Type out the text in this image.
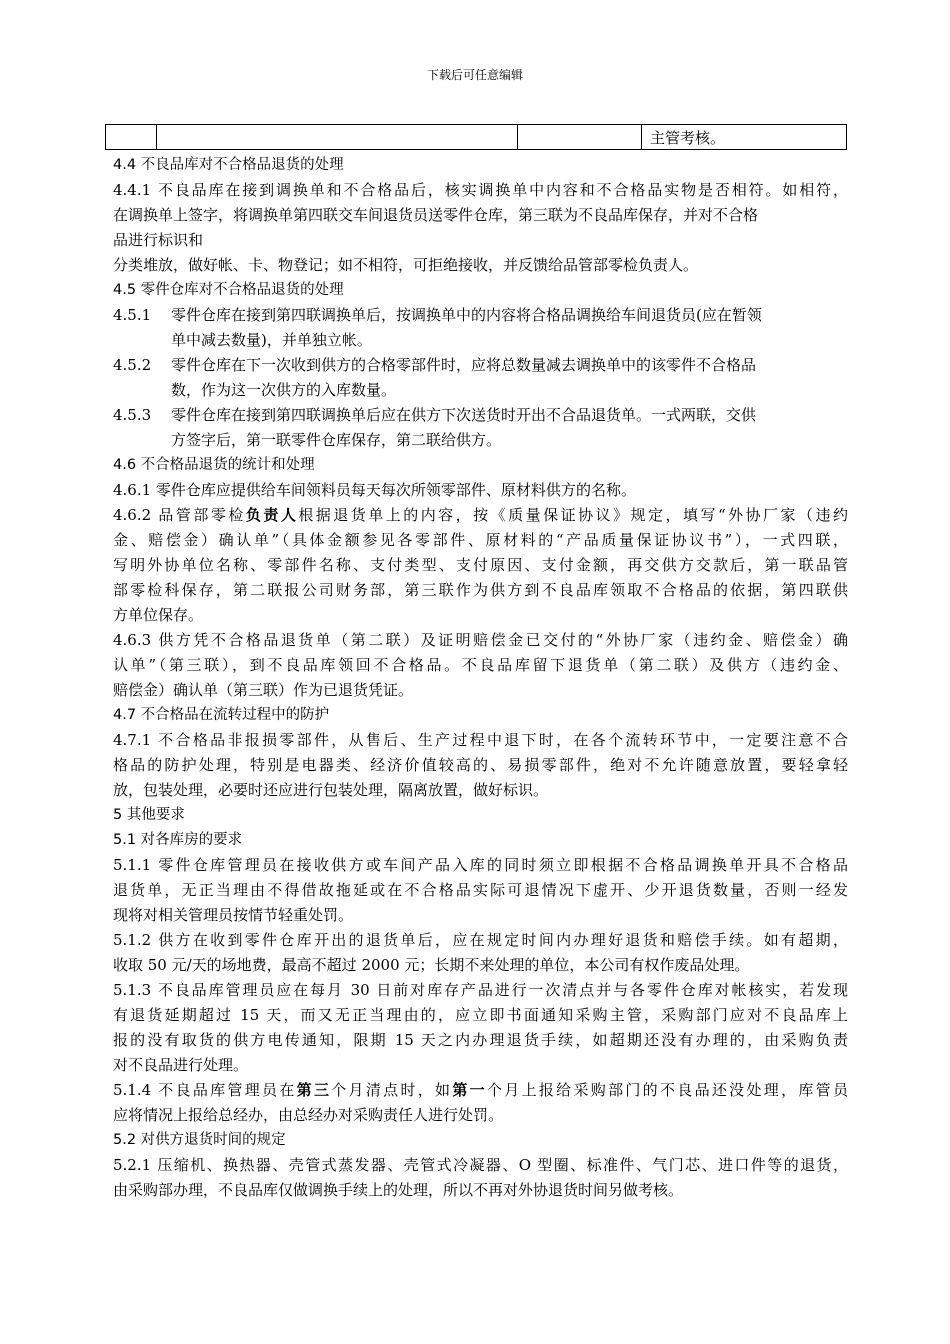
下载后可任意编辑
			主管考核。
4.4 不良品库对不合格品退货的处理
4.4.1 不良品库在接到调换单和不合格品后，核实调换单中内容和不合格品实物是否相符。如相符，
在调换单上签字，将调换单第四联交车间退货员送零件仓库，第三联为不良品库保存，并对不合格
品进行标识和
分类堆放，做好帐、卡、物登记；如不相符，可拒绝接收，并反馈给品管部零检负责人。
4.5 零件仓库对不合格品退货的处理
4.5.1	零件仓库在接到第四联调换单后，按调换单中的内容将合格品调换给车间退货员(应在暂领
单中减去数量)，并单独立帐。
4.5.2	零件仓库在下一次收到供方的合格零部件时，应将总数量减去调换单中的该零件不合格品
数，作为这一次供方的入库数量。
4.5.3	零件仓库在接到第四联调换单后应在供方下次送货时开出不合品退货单。一式两联，交供
方签字后，第一联零件仓库保存，第二联给供方。
4.6 不合格品退货的统计和处理
4.6.1 零件仓库应提供给车间领料员每天每次所领零部件、原材料供方的名称。
4.6.2 品管部零检负责人根据退货单上的内容，按《质量保证协议》规定，填写“外协厂家（违约
金、赔偿金）确认单”（具体金额参见各零部件、原材料的“产品质量保证协议书”），一式四联，
写明外协单位名称、零部件名称、支付类型、支付原因、支付金额，再交供方交款后，第一联品管
部零检科保存，第二联报公司财务部，第三联作为供方到不良品库领取不合格品的依据，第四联供
方单位保存。
4.6.3 供方凭不合格品退货单（第二联）及证明赔偿金已交付的“外协厂家（违约金、赔偿金）确
认单”（第三联），到不良品库领回不合格品。不良品库留下退货单（第二联）及供方（违约金、
赔偿金）确认单（第三联）作为已退货凭证。
4.7 不合格品在流转过程中的防护
4.7.1 不合格品非报损零部件，从售后、生产过程中退下时，在各个流转环节中，一定要注意不合
格品的防护处理，特别是电器类、经济价值较高的、易损零部件，绝对不允许随意放置，要轻拿轻
放，包装处理，必要时还应进行包装处理，隔离放置，做好标识。
5 其他要求
5.1 对各库房的要求
5.1.1 零件仓库管理员在接收供方或车间产品入库的同时须立即根据不合格品调换单开具不合格品
退货单，无正当理由不得借故拖延或在不合格品实际可退情况下虚开、少开退货数量，否则一经发
现将对相关管理员按情节轻重处罚。
5.1.2 供方在收到零件仓库开出的退货单后，应在规定时间内办理好退货和赔偿手续。如有超期，
收取 50 元/天的场地费，最高不超过 2000 元；长期不来处理的单位，本公司有权作废品处理。
5.1.3 不良品库管理员应在每月 30 日前对库存产品进行一次清点并与各零件仓库对帐核实，若发现
有退货延期超过 15 天，而又无正当理由的，应立即书面通知采购主管，采购部门应对不良品库上
报的没有取货的供方电传通知，限期 15 天之内办理退货手续，如超期还没有办理的，由采购负责
对不良品进行处理。
5.1.4 不良品库管理员在第三个月清点时，如第一个月上报给采购部门的不良品还没处理，库管员
应将情况上报给总经办，由总经办对采购责任人进行处罚。
5.2 对供方退货时间的规定
5.2.1 压缩机、换热器、壳管式蒸发器、壳管式冷凝器、O 型圈、标准件、气门芯、进口件等的退货，
由采购部办理，不良品库仅做调换手续上的处理，所以不再对外协退货时间另做考核。
